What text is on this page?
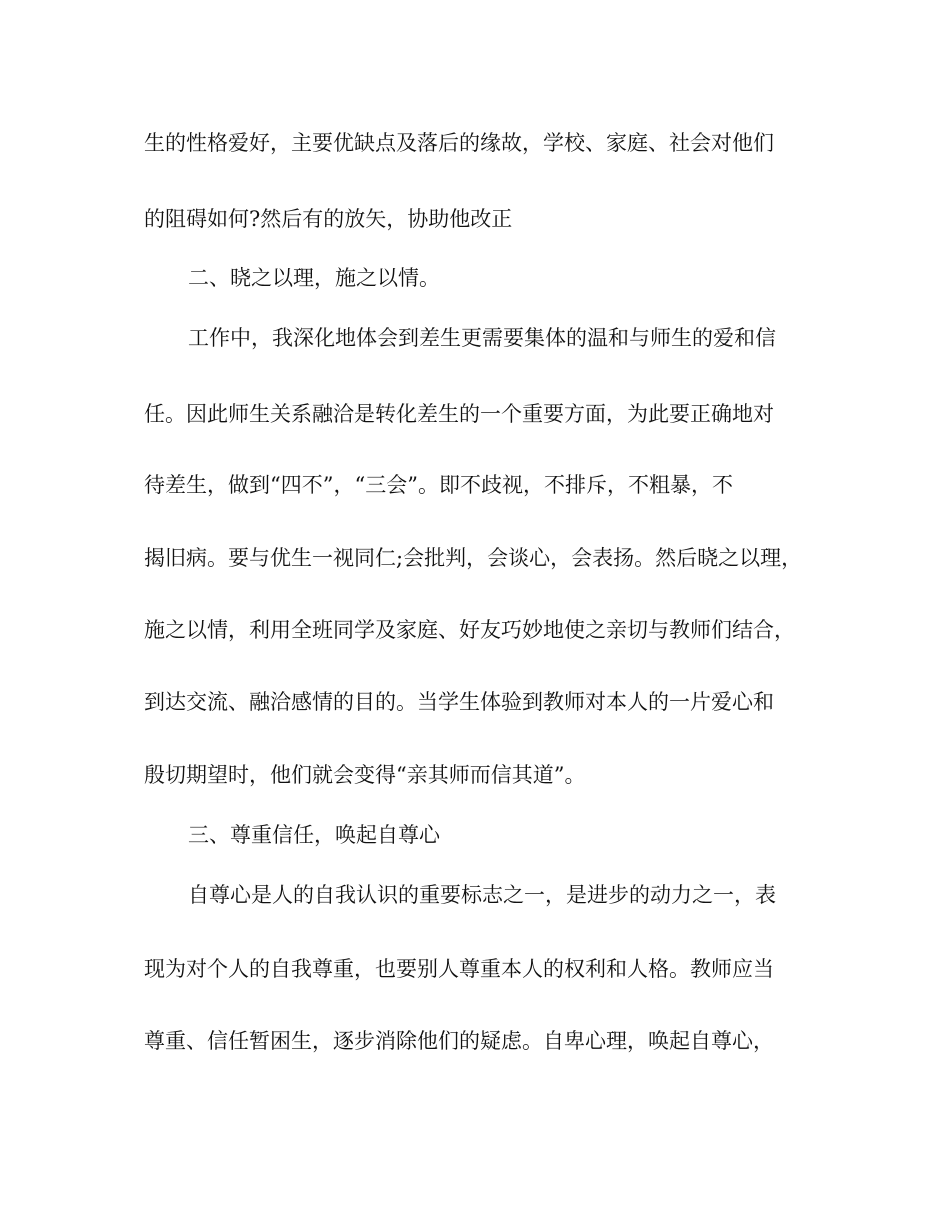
生的性格爱好，主要优缺点及落后的缘故，学校、家庭、社会对他们

的阻碍如何?然后有的放矢，协助他改正

二、晓之以理，施之以情。

工作中，我深化地体会到差生更需要集体的温和与师生的爱和信

任。因此师生关系融洽是转化差生的一个重要方面，为此要正确地对

待差生，做到“四不”，“三会”。即不歧视，不排斥，不粗暴，不

揭旧病。要与优生一视同仁;会批判，会谈心，会表扬。然后晓之以理，

施之以情，利用全班同学及家庭、好友巧妙地使之亲切与教师们结合，

到达交流、融洽感情的目的。当学生体验到教师对本人的一片爱心和

殷切期望时，他们就会变得“亲其师而信其道”。

三、尊重信任，唤起自尊心

自尊心是人的自我认识的重要标志之一，是进步的动力之一，表

现为对个人的自我尊重，也要别人尊重本人的权利和人格。教师应当

尊重、信任暂困生，逐步消除他们的疑虑。自卑心理，唤起自尊心，
